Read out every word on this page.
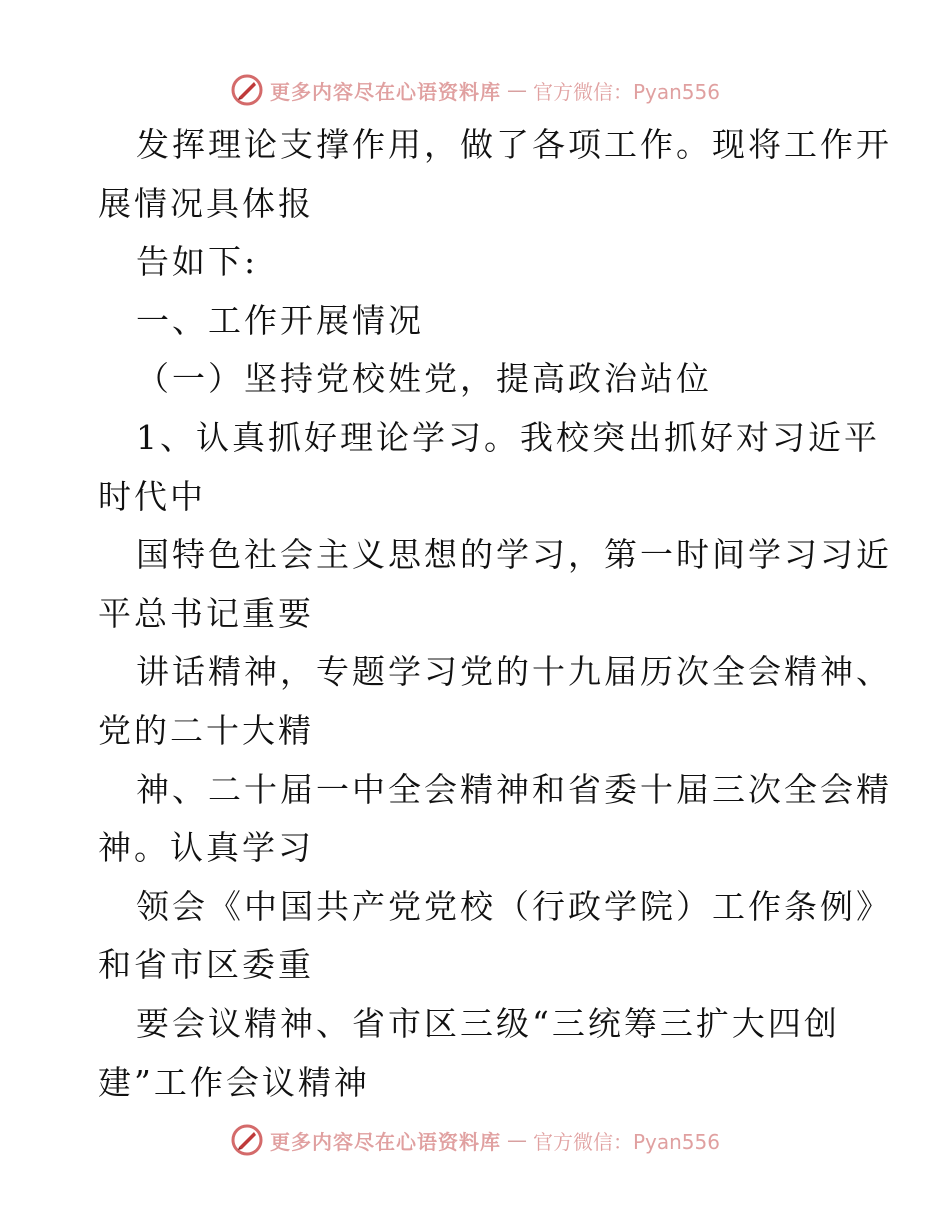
更多内容尽在心语资料库 — 官方微信：Pyan556
发挥理论支撑作用，做了各项工作。现将工作开
展情况具体报
告如下:
一、工作开展情况
（一）坚持党校姓党，提高政治站位
1、认真抓好理论学习。我校突出抓好对习近平
时代中
国特色社会主义思想的学习，第一时间学习习近
平总书记重要
讲话精神，专题学习党的十九届历次全会精神、
党的二十大精
神、二十届一中全会精神和省委十届三次全会精
神。认真学习
领会《中国共产党党校（行政学院）工作条例》
和省市区委重
要会议精神、省市区三级“三统筹三扩大四创
建”工作会议精神
更多内容尽在心语资料库 — 官方微信：Pyan556
